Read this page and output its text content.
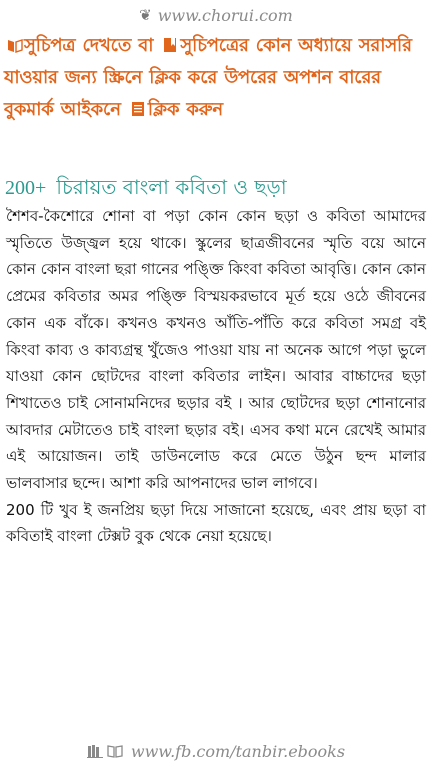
❦ www.chorui.com
সুচিপত্র দেখতে বা সুচিপত্রের কোন অধ্যায়ে সরাসরি যাওয়ার জন্য স্ক্রিনে ক্লিক করে উপরের অপশন বারের বুকমার্ক আইকনে ক্লিক করুন
200+ চিরায়ত বাংলা কবিতা ও ছড়া

শৈশব-কৈশোরে শোনা বা পড়া কোন কোন ছড়া ও কবিতা আমাদের স্মৃতিতে উজ্জ্বল হয়ে থাকে। স্কুলের ছাত্রজীবনের স্মৃতি বয়ে আনে কোন কোন বাংলা ছরা গানের পঙ্ক্তি কিংবা কবিতা আবৃত্তি। কোন কোন প্রেমের কবিতার অমর পঙ্ক্তি বিস্ময়করভাবে মূর্ত হয়ে ওঠে জীবনের কোন এক বাঁকে। কখনও কখনও আঁতি-পাঁতি করে কবিতা সমগ্র বই কিংবা কাব্য ও কাব্যগ্রন্থ খুঁজেও পাওয়া যায় না অনেক আগে পড়া ভুলে যাওয়া কোন ছোটদের বাংলা কবিতার লাইন। আবার বাচ্চাদের ছড়া শিখাতেও চাই সোনামনিদের ছড়ার বই । আর ছোটদের ছড়া শোনানোর আবদার মেটাতেও চাই বাংলা ছড়ার বই। এসব কথা মনে রেখেই আমার এই আয়োজন। তাই ডাউনলোড করে মেতে উঠুন ছন্দ মালার ভালবাসার ছন্দে। আশা করি আপনাদের ভাল লাগবে।

200 টি খুব ই জনপ্রিয় ছড়া দিয়ে সাজানো হয়েছে, এবং প্রায় ছড়া বা কবিতাই বাংলা টেক্সট বুক থেকে নেয়া হয়েছে।

www.fb.com/tanbir.ebooks
